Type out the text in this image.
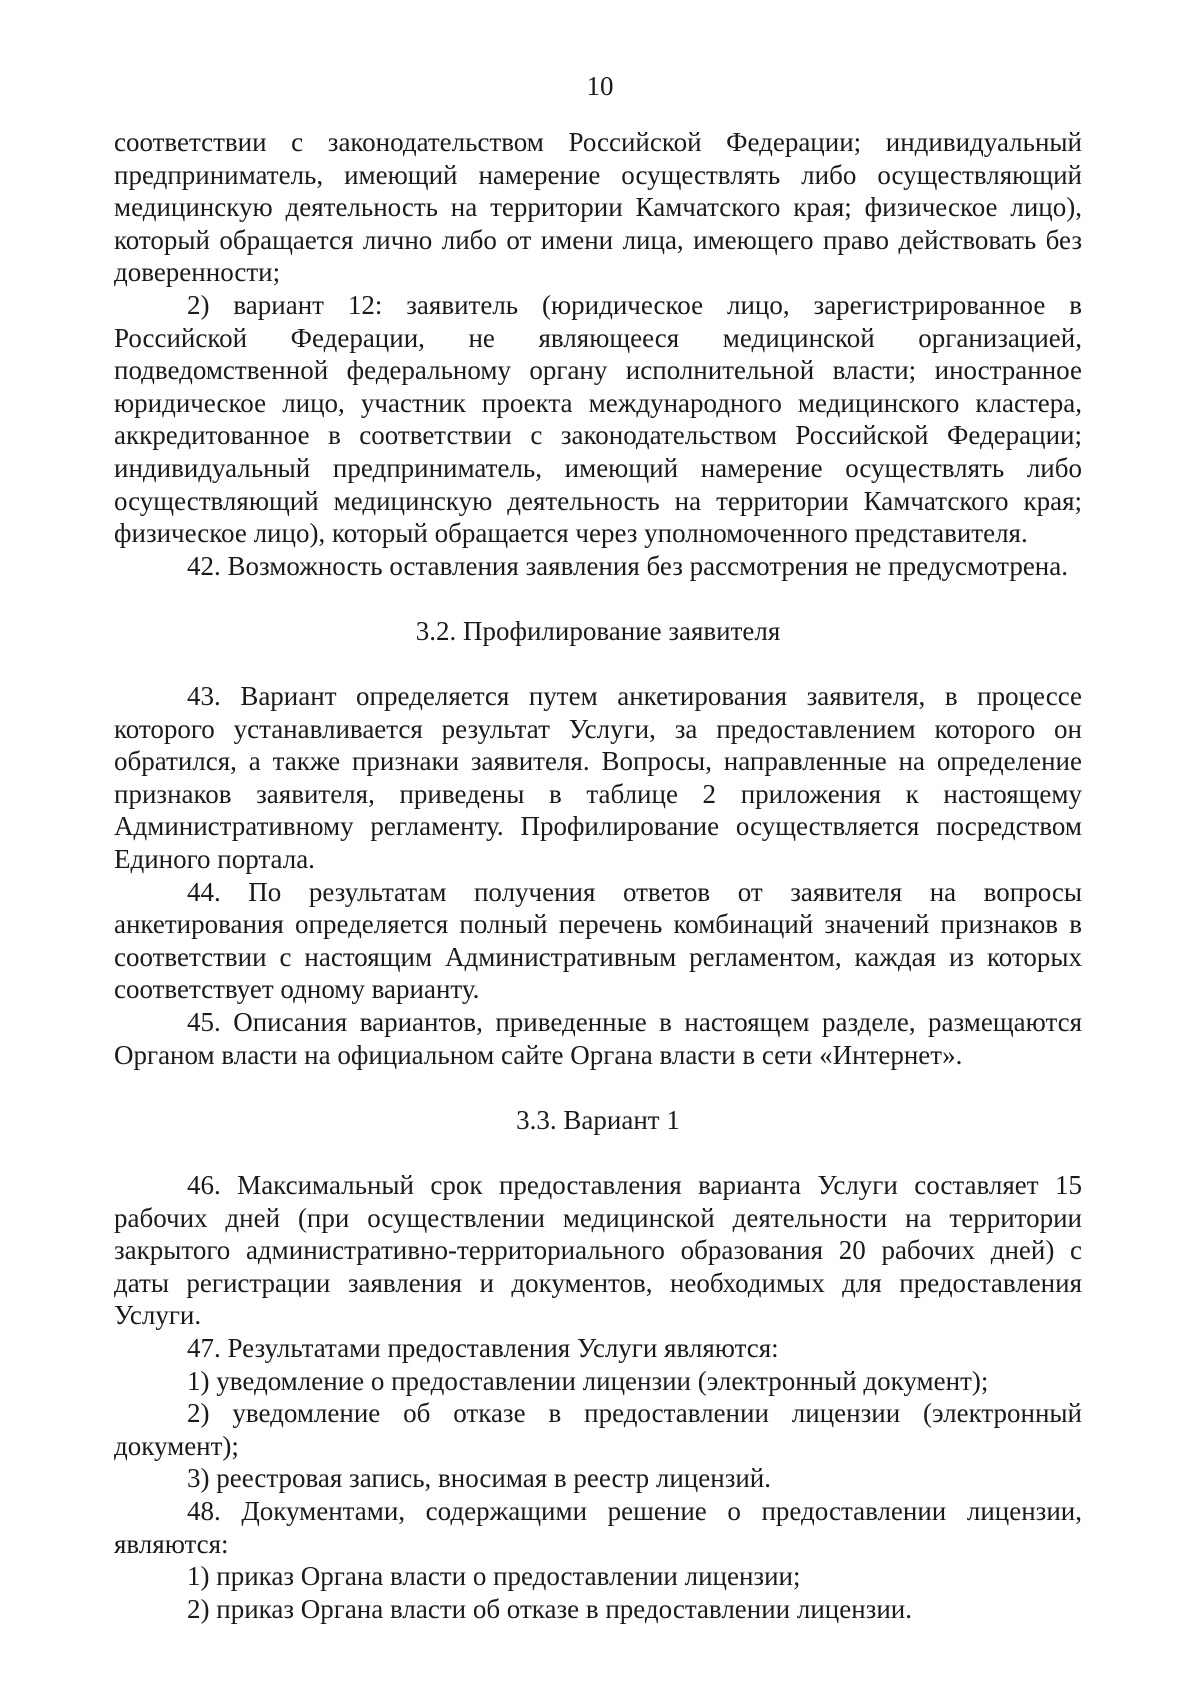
10

соответствии с законодательством Российской Федерации; индивидуальный предприниматель, имеющий намерение осуществлять либо осуществляющий медицинскую деятельность на территории Камчатского края; физическое лицо), который обращается лично либо от имени лица, имеющего право действовать без доверенности;

2) вариант 12: заявитель (юридическое лицо, зарегистрированное в Российской Федерации, не являющееся медицинской организацией, подведомственной федеральному органу исполнительной власти; иностранное юридическое лицо, участник проекта международного медицинского кластера, аккредитованное в соответствии с законодательством Российской Федерации; индивидуальный предприниматель, имеющий намерение осуществлять либо осуществляющий медицинскую деятельность на территории Камчатского края; физическое лицо), который обращается через уполномоченного представителя.

42. Возможность оставления заявления без рассмотрения не предусмотрена.

3.2. Профилирование заявителя

43. Вариант определяется путем анкетирования заявителя, в процессе которого устанавливается результат Услуги, за предоставлением которого он обратился, а также признаки заявителя. Вопросы, направленные на определение признаков заявителя, приведены в таблице 2 приложения к настоящему Административному регламенту. Профилирование осуществляется посредством Единого портала.

44. По результатам получения ответов от заявителя на вопросы анкетирования определяется полный перечень комбинаций значений признаков в соответствии с настоящим Административным регламентом, каждая из которых соответствует одному варианту.

45. Описания вариантов, приведенные в настоящем разделе, размещаются Органом власти на официальном сайте Органа власти в сети «Интернет».

3.3. Вариант 1

46. Максимальный срок предоставления варианта Услуги составляет 15 рабочих дней (при осуществлении медицинской деятельности на территории закрытого административно-территориального образования 20 рабочих дней) с даты регистрации заявления и документов, необходимых для предоставления Услуги.

47. Результатами предоставления Услуги являются:

1) уведомление о предоставлении лицензии (электронный документ);

2) уведомление об отказе в предоставлении лицензии (электронный документ);

3) реестровая запись, вносимая в реестр лицензий.

48. Документами, содержащими решение о предоставлении лицензии, являются:

1) приказ Органа власти о предоставлении лицензии;

2) приказ Органа власти об отказе в предоставлении лицензии.
